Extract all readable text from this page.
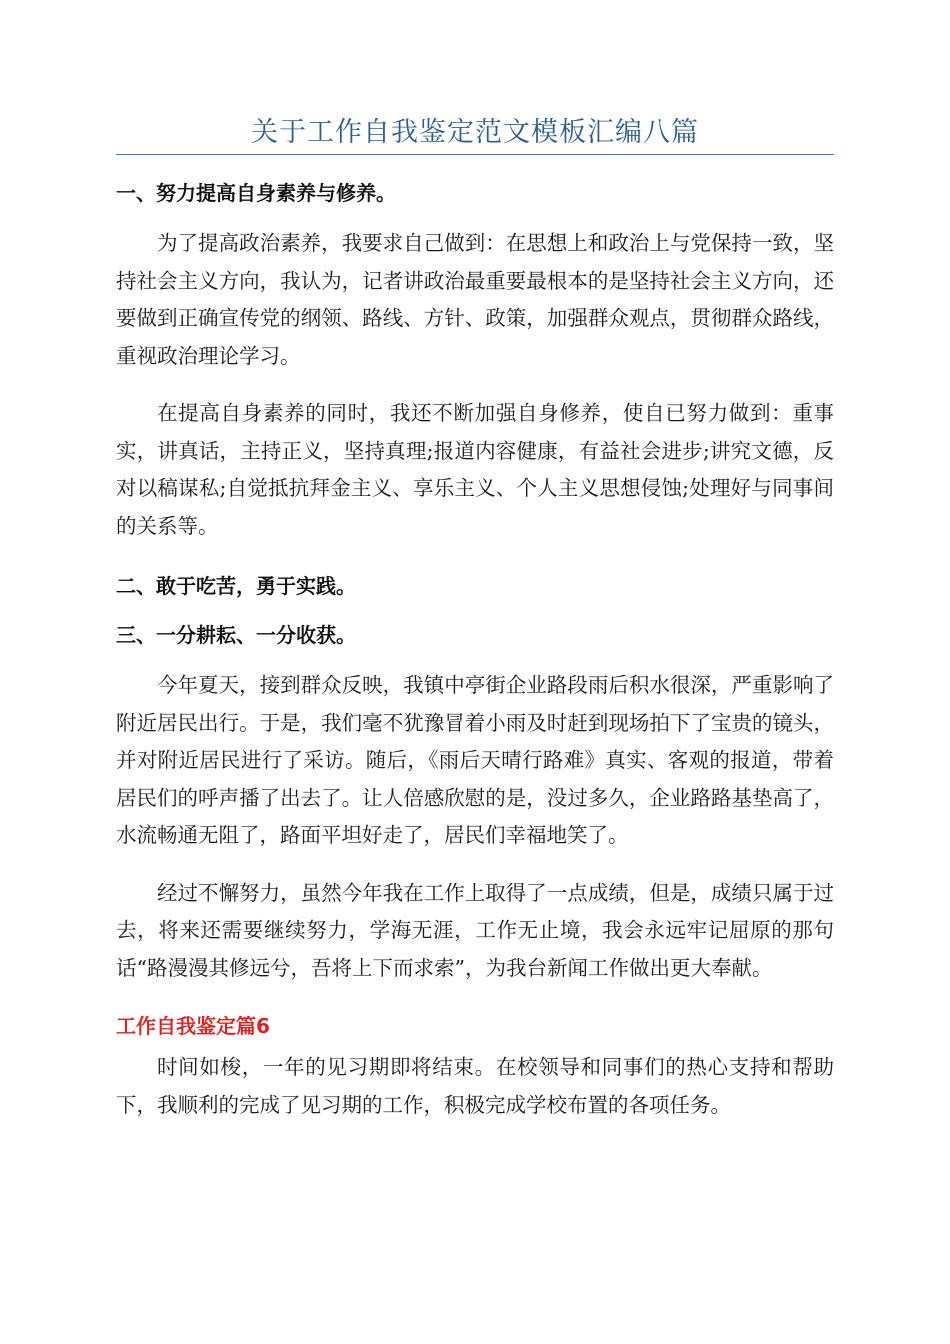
关于工作自我鉴定范文模板汇编八篇

一、努力提高自身素养与修养。

为了提高政治素养，我要求自己做到：在思想上和政治上与党保持一致，坚持社会主义方向，我认为，记者讲政治最重要最根本的是坚持社会主义方向，还要做到正确宣传党的纲领、路线、方针、政策，加强群众观点，贯彻群众路线，重视政治理论学习。

在提高自身素养的同时，我还不断加强自身修养，使自已努力做到：重事实，讲真话，主持正义，坚持真理;报道内容健康，有益社会进步;讲究文德，反对以稿谋私;自觉抵抗拜金主义、享乐主义、个人主义思想侵蚀;处理好与同事间的关系等。

二、敢于吃苦，勇于实践。

三、一分耕耘、一分收获。

今年夏天，接到群众反映，我镇中亭街企业路段雨后积水很深，严重影响了附近居民出行。于是，我们毫不犹豫冒着小雨及时赶到现场拍下了宝贵的镜头，并对附近居民进行了采访。随后，《雨后天晴行路难》真实、客观的报道，带着居民们的呼声播了出去了。让人倍感欣慰的是，没过多久，企业路路基垫高了，水流畅通无阻了，路面平坦好走了，居民们幸福地笑了。

经过不懈努力，虽然今年我在工作上取得了一点成绩，但是，成绩只属于过去，将来还需要继续努力，学海无涯，工作无止境，我会永远牢记屈原的那句话“路漫漫其修远兮，吾将上下而求索”，为我台新闻工作做出更大奉献。

工作自我鉴定篇6

时间如梭，一年的见习期即将结束。在校领导和同事们的热心支持和帮助下，我顺利的完成了见习期的工作，积极完成学校布置的各项任务。
